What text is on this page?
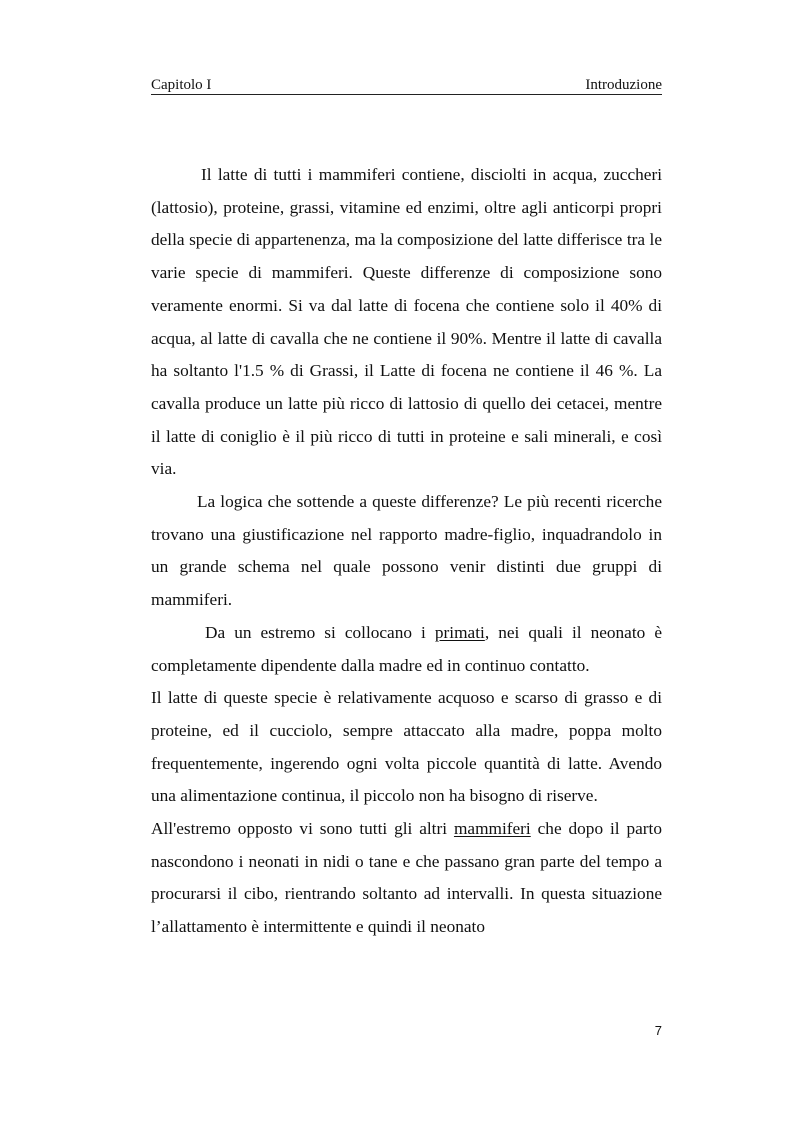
Capitolo I	Introduzione

Il latte di tutti i mammiferi contiene, disciolti in acqua, zuccheri (lattosio), proteine, grassi, vitamine ed enzimi, oltre agli anticorpi propri della specie di appartenenza, ma la composizione del latte differisce tra le varie specie di mammiferi. Queste differenze di composizione sono veramente enormi. Si va dal latte di focena che contiene solo il 40% di acqua, al latte di cavalla che ne contiene il 90%. Mentre il latte di cavalla ha soltanto l'1.5 % di Grassi, il Latte di focena ne contiene il 46 %. La cavalla produce un latte più ricco di lattosio di quello dei cetacei, mentre il latte di coniglio è il più ricco di tutti in proteine e sali minerali, e così via.

La logica che sottende a queste differenze? Le più recenti ricerche trovano una giustificazione nel rapporto madre-figlio, inquadrandolo in un grande schema nel quale possono venir distinti due gruppi di mammiferi.

Da un estremo si collocano i primati, nei quali il neonato è completamente dipendente dalla madre ed in continuo contatto.

Il latte di queste specie è relativamente acquoso e scarso di grasso e di proteine, ed il cucciolo, sempre attaccato alla madre, poppa molto frequentemente, ingerendo ogni volta piccole quantità di latte. Avendo una alimentazione continua, il piccolo non ha bisogno di riserve.

All'estremo opposto vi sono tutti gli altri mammiferi che dopo il parto nascondono i neonati in nidi o tane e che passano gran parte del tempo a procurarsi il cibo, rientrando soltanto ad intervalli. In questa situazione l’allattamento è intermittente e quindi il neonato

7
